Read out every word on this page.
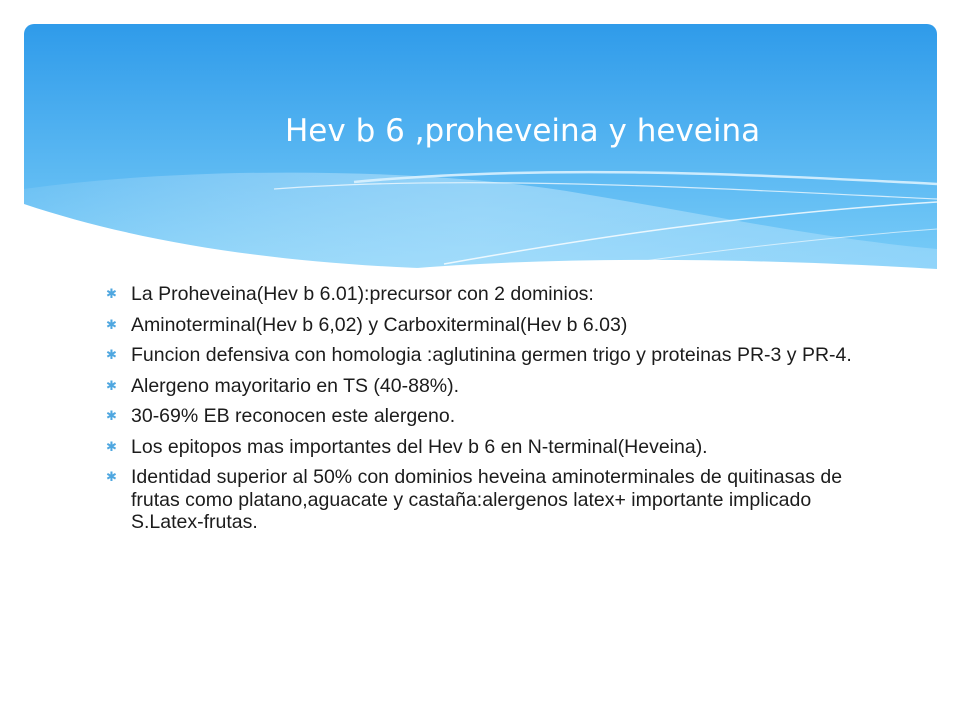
Hev b 6 ,proheveina y heveina
✱ La Proheveina(Hev b 6.01):precursor con 2 dominios:
✱ Aminoterminal(Hev b 6,02) y Carboxiterminal(Hev b 6.03)
✱ Funcion defensiva con homologia :aglutinina germen trigo y proteinas PR-3 y PR-4.
✱ Alergeno mayoritario en TS (40-88%).
✱ 30-69% EB reconocen este alergeno.
✱ Los epitopos mas importantes del Hev b 6 en N-terminal(Heveina).
✱ Identidad superior al 50% con dominios heveina aminoterminales de quitinasas de frutas como platano,aguacate y castaña:alergenos latex+ importante implicado S.Latex-frutas.
